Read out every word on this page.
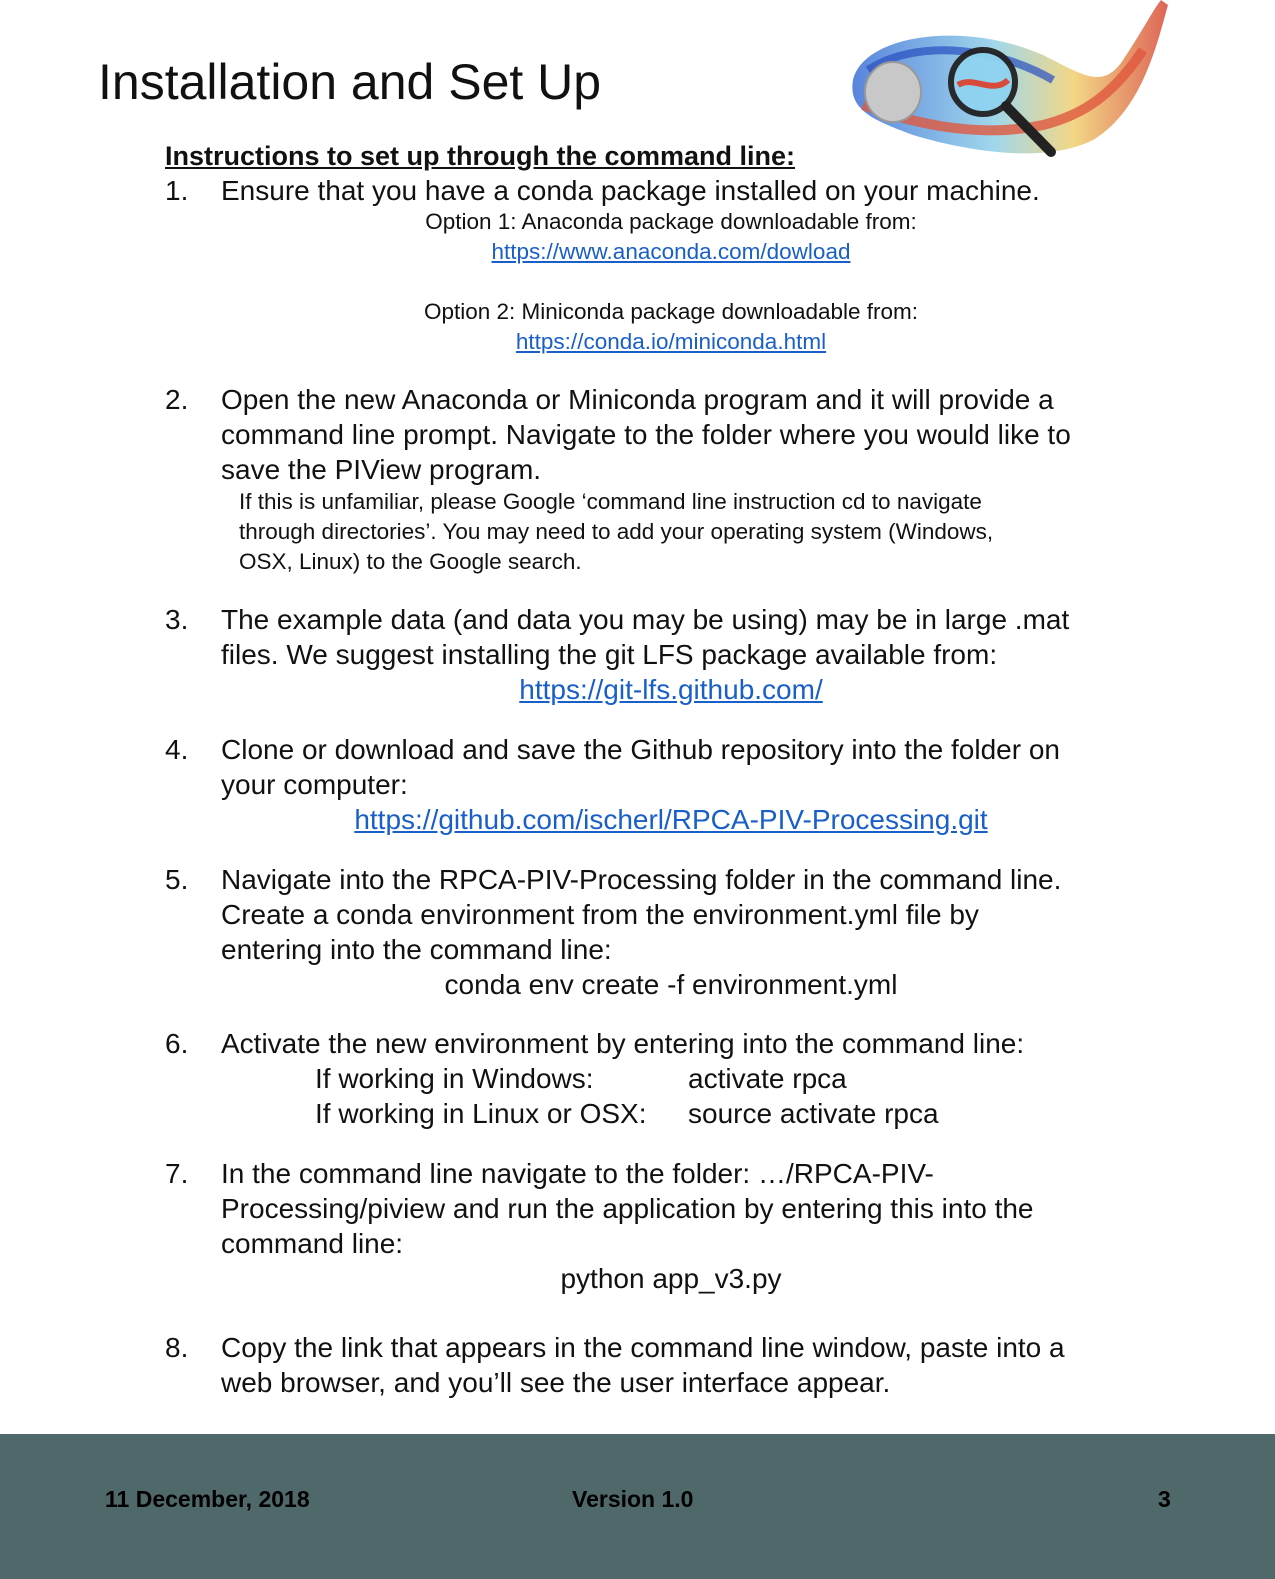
Installation and Set Up
Instructions to set up through the command line:
1. Ensure that you have a conda package installed on your machine.
Option 1: Anaconda package downloadable from:
https://www.anaconda.com/dowload
Option 2: Miniconda package downloadable from:
https://conda.io/miniconda.html
2. Open the new Anaconda or Miniconda program and it will provide a
command line prompt. Navigate to the folder where you would like to
save the PIView program.
If this is unfamiliar, please Google ‘command line instruction cd to navigate
through directories’. You may need to add your operating system (Windows,
OSX, Linux) to the Google search.
3. The example data (and data you may be using) may be in large .mat
files. We suggest installing the git LFS package available from:
https://git-lfs.github.com/
4. Clone or download and save the Github repository into the folder on
your computer:
https://github.com/ischerl/RPCA-PIV-Processing.git
5. Navigate into the RPCA-PIV-Processing folder in the command line.
Create a conda environment from the environment.yml file by
entering into the command line:
conda env create -f environment.yml
6. Activate the new environment by entering into the command line:
If working in Windows:	activate rpca
If working in Linux or OSX: source activate rpca
7. In the command line navigate to the folder: …/RPCA-PIV-
Processing/piview and run the application by entering this into the
command line:
python app_v3.py
8. Copy the link that appears in the command line window, paste into a
web browser, and you’ll see the user interface appear.
11 December, 2018	Version 1.0	3
